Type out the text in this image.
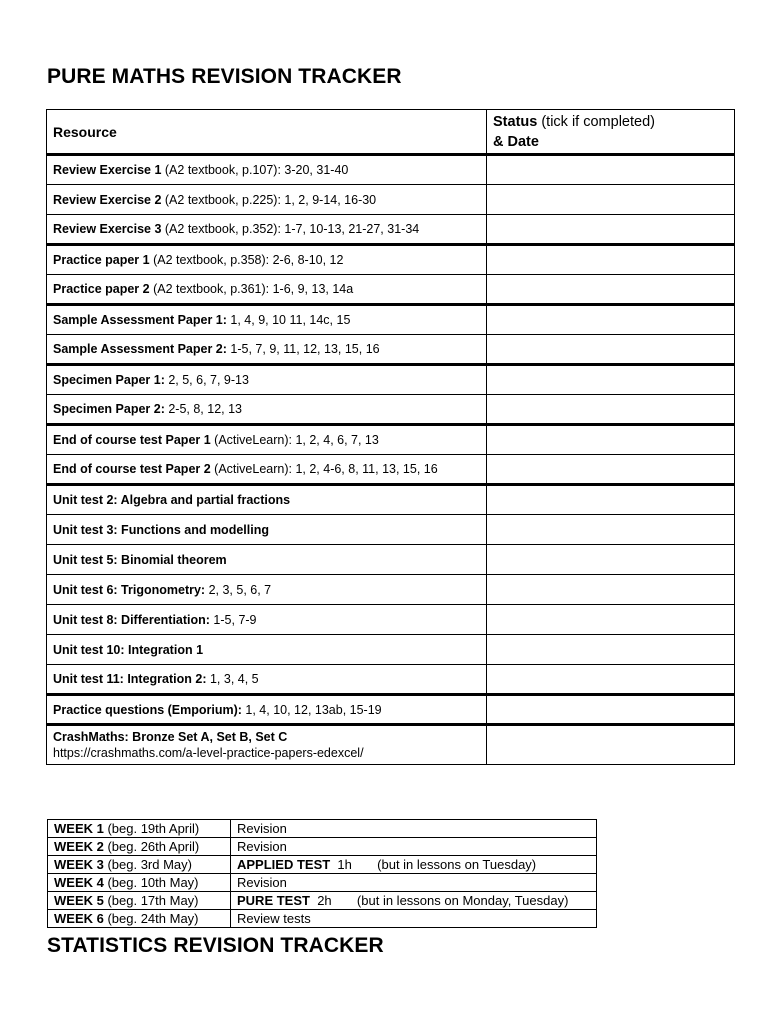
PURE MATHS REVISION TRACKER
Resource	Status (tick if completed)
& Date
Review Exercise 1 (A2 textbook, p.107): 3-20, 31-40	
Review Exercise 2 (A2 textbook, p.225): 1, 2, 9-14, 16-30	
Review Exercise 3 (A2 textbook, p.352): 1-7, 10-13, 21-27, 31-34	
Practice paper 1 (A2 textbook, p.358): 2-6, 8-10, 12	
Practice paper 2 (A2 textbook, p.361): 1-6, 9, 13, 14a	
Sample Assessment Paper 1: 1, 4, 9, 10 11, 14c, 15	
Sample Assessment Paper 2: 1-5, 7, 9, 11, 12, 13, 15, 16	
Specimen Paper 1: 2, 5, 6, 7, 9-13	
Specimen Paper 2: 2-5, 8, 12, 13	
End of course test Paper 1 (ActiveLearn): 1, 2, 4, 6, 7, 13	
End of course test Paper 2 (ActiveLearn): 1, 2, 4-6, 8, 11, 13, 15, 16	
Unit test 2: Algebra and partial fractions	
Unit test 3: Functions and modelling	
Unit test 5: Binomial theorem	
Unit test 6: Trigonometry: 2, 3, 5, 6, 7	
Unit test 8: Differentiation: 1-5, 7-9	
Unit test 10: Integration 1	
Unit test 11: Integration 2: 1, 3, 4, 5	
Practice questions (Emporium): 1, 4, 10, 12, 13ab, 15-19	
CrashMaths: Bronze Set A, Set B, Set C
https://crashmaths.com/a-level-practice-papers-edexcel/	
WEEK 1 (beg. 19th April)	Revision
WEEK 2 (beg. 26th April)	Revision
WEEK 3 (beg. 3rd May)	APPLIED TEST  1h       (but in lessons on Tuesday)
WEEK 4 (beg. 10th May)	Revision
WEEK 5 (beg. 17th May)	PURE TEST  2h       (but in lessons on Monday, Tuesday)
WEEK 6 (beg. 24th May)	Review tests
STATISTICS REVISION TRACKER
